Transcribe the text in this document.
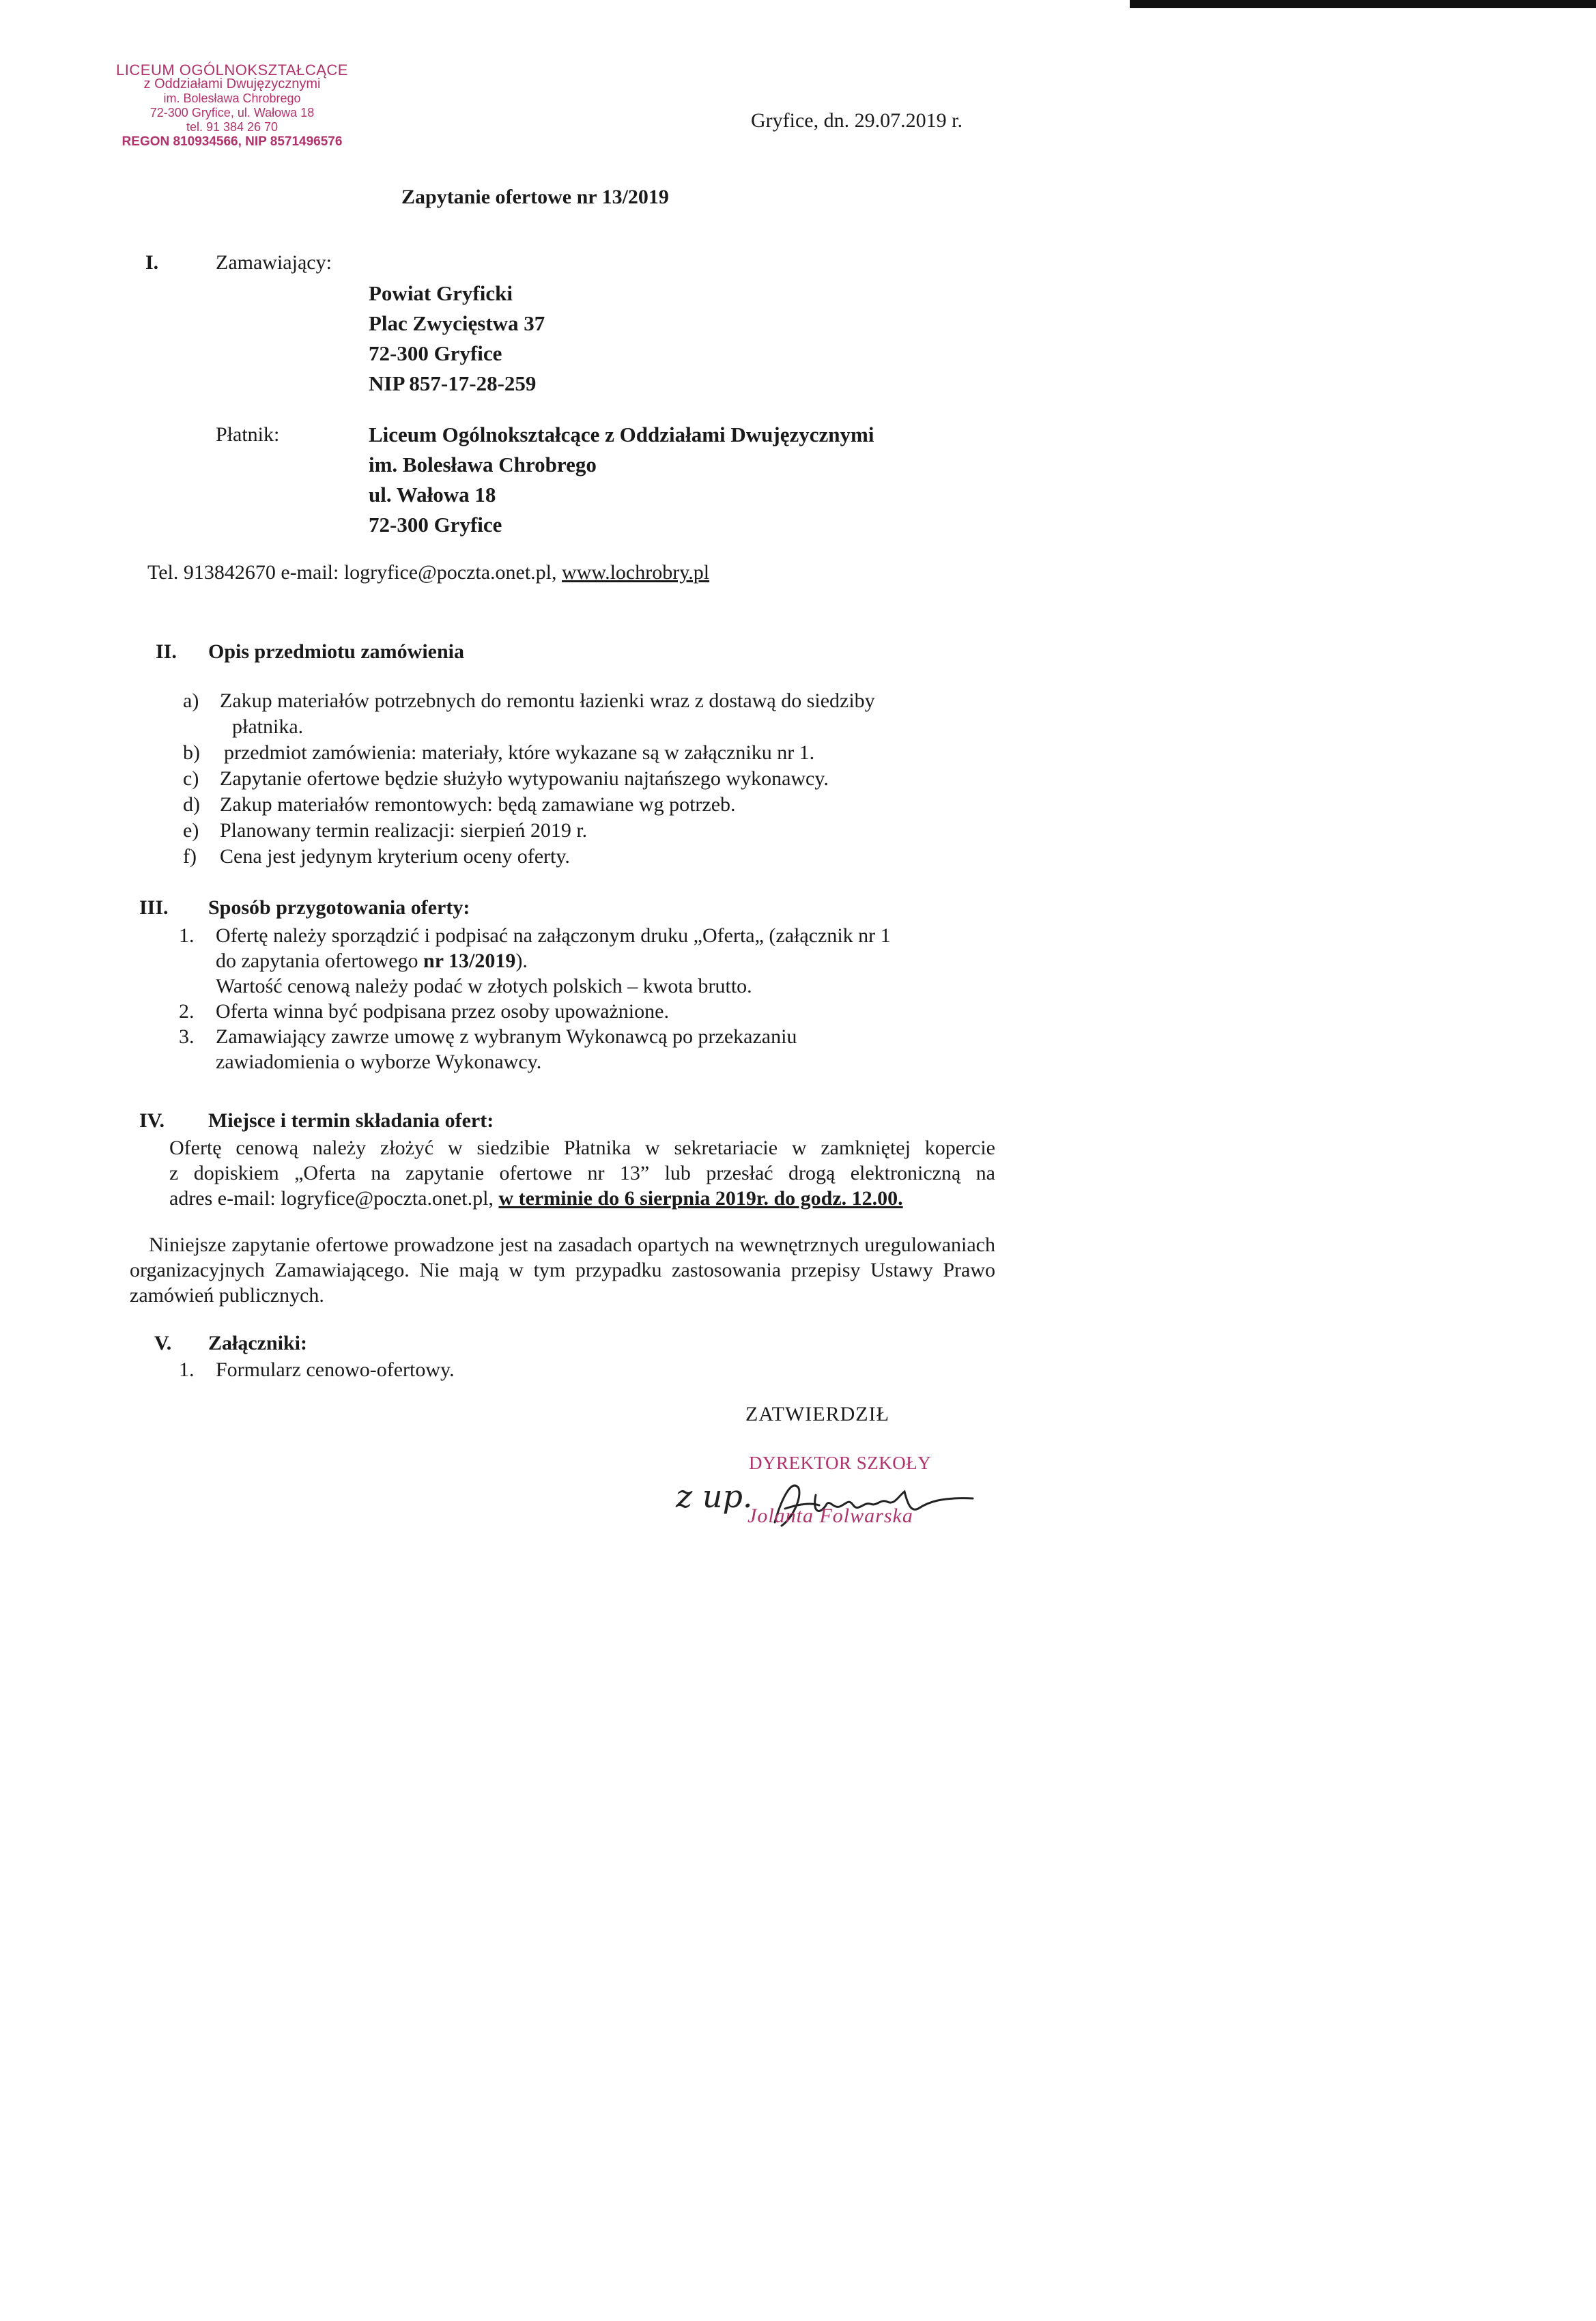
LICEUM OGÓLNOKSZTAŁCĄCE
z Oddziałami Dwujęzycznymi
im. Bolesława Chrobrego
72-300 Gryfice, ul. Wałowa 18
tel. 91 384 26 70
REGON 810934566, NIP 8571496576
Gryfice, dn. 29.07.2019 r.
Zapytanie ofertowe nr 13/2019
I.	Zamawiający:
Powiat Gryficki
Plac Zwycięstwa 37
72-300 Gryfice
NIP 857-17-28-259
Płatnik:	Liceum Ogólnokształcące z Oddziałami Dwujęzycznymi
im. Bolesława Chrobrego
ul. Wałowa 18
72-300 Gryfice
Tel. 913842670 e-mail: logryfice@poczta.onet.pl, www.lochrobry.pl
II. Opis przedmiotu zamówienia
a)	Zakup materiałów potrzebnych do remontu łazienki wraz z dostawą do siedziby
płatnika.
b)	przedmiot zamówienia: materiały, które wykazane są w załączniku nr 1.
c)	Zapytanie ofertowe będzie służyło wytypowaniu najtańszego wykonawcy.
d) Zakup materiałów remontowych: będą zamawiane wg potrzeb.
e)	Planowany termin realizacji: sierpień 2019 r.
f)	Cena jest jedynym kryterium oceny oferty.
III. Sposób przygotowania oferty:
1.	Ofertę należy sporządzić i podpisać na załączonym druku „Oferta„ (załącznik nr 1
do zapytania ofertowego nr 13/2019).
Wartość cenową należy podać w złotych polskich – kwota brutto.
2.	Oferta winna być podpisana przez osoby upoważnione.
3.	Zamawiający zawrze umowę z wybranym Wykonawcą po przekazaniu
zawiadomienia o wyborze Wykonawcy.
IV. Miejsce i termin składania ofert:
Ofertę cenową należy złożyć w siedzibie Płatnika w sekretariacie w zamkniętej kopercie
z dopiskiem „Oferta na zapytanie ofertowe nr 13” lub przesłać drogą elektroniczną na
adres e-mail: logryfice@poczta.onet.pl, w terminie do 6 sierpnia 2019r. do godz. 12.00.
Niniejsze zapytanie ofertowe prowadzone jest na zasadach opartych na wewnętrznych uregulowaniach organizacyjnych Zamawiającego. Nie mają w tym przypadku zastosowania przepisy Ustawy Prawo zamówień publicznych.
V. Załączniki:
1.	Formularz cenowo-ofertowy.
ZATWIERDZIŁ
DYREKTOR SZKOŁY
z up.
Jolanta Folwarska
